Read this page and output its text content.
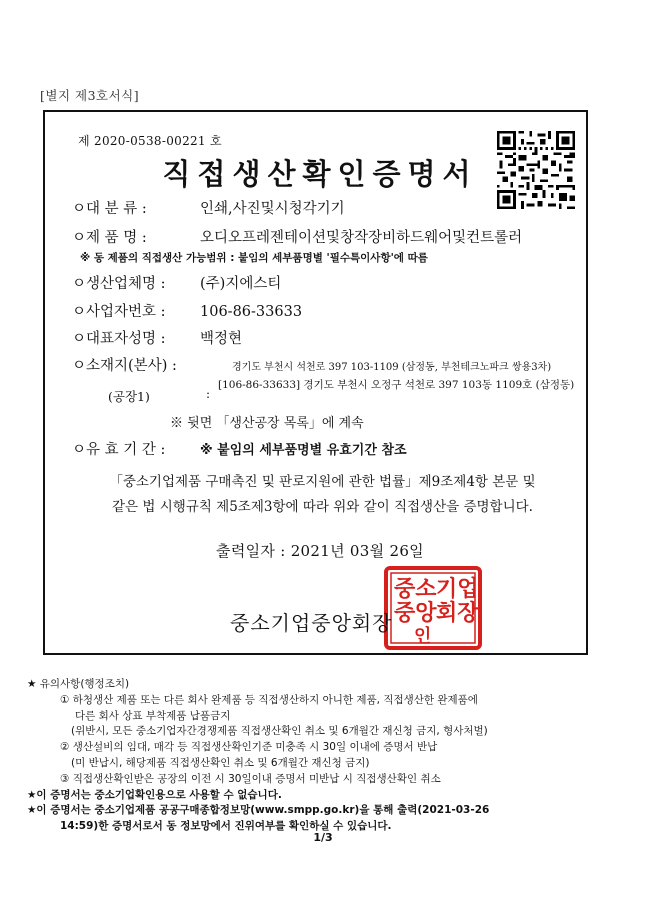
[별지 제3호서식]
제 2020-0538-00221 호
직접생산확인증명서
ㅇ대 분 류 :	인쇄,사진및시청각기기
ㅇ제 품 명 :	오디오프레젠테이션및창작장비하드웨어및컨트롤러
※ 동 제품의 직접생산 가능범위 : 붙임의 세부품명별 '필수특이사항'에 따름
ㅇ생산업체명 : (주)지에스티
ㅇ사업자번호 : 106-86-33633
ㅇ대표자성명 : 백정현
ㅇ소재지(본사) :	경기도 부천시 석천로 397 103-1109 (삼정동, 부천테크노파크 쌍용3차)
(공장1)	:
[106-86-33633] 경기도 부천시 오정구 석천로 397 103동 1109호 (삼정동)
※ 뒷면 「생산공장 목록」에 계속
ㅇ유 효 기 간 :	※ 붙임의 세부품명별 유효기간 참조
「중소기업제품 구매촉진 및 판로지원에 관한 법률」제9조제4항 본문 및
같은 법 시행규칙 제5조제3항에 따라 위와 같이 직접생산을 증명합니다.
출력일자 : 2021년 03월 26일
중소 기업
중앙 회장
인
중소기업중앙회장
★ 유의사항(행정조치)
① 하청생산 제품 또는 다른 회사 완제품 등 직접생산하지 아니한 제품, 직접생산한 완제품에
다른 회사 상표 부착제품 납품금지
(위반시, 모든 중소기업자간경쟁제품 직접생산확인 취소 및 6개월간 재신청 금지, 형사처벌)
② 생산설비의 임대, 매각 등 직접생산확인기준 미충족 시 30일 이내에 증명서 반납
(미 반납시, 해당제품 직접생산확인 취소 및 6개월간 재신청 금지)
③ 직접생산확인받은 공장의 이전 시 30일이내 증명서 미반납 시 직접생산확인 취소
★이 증명서는 중소기업확인용으로 사용할 수 없습니다.
★이 증명서는 중소기업제품 공공구매종합정보망(www.smpp.go.kr)을 통해 출력(2021-03-26
14:59)한 증명서로서 동 정보망에서 진위여부를 확인하실 수 있습니다.
1/3
